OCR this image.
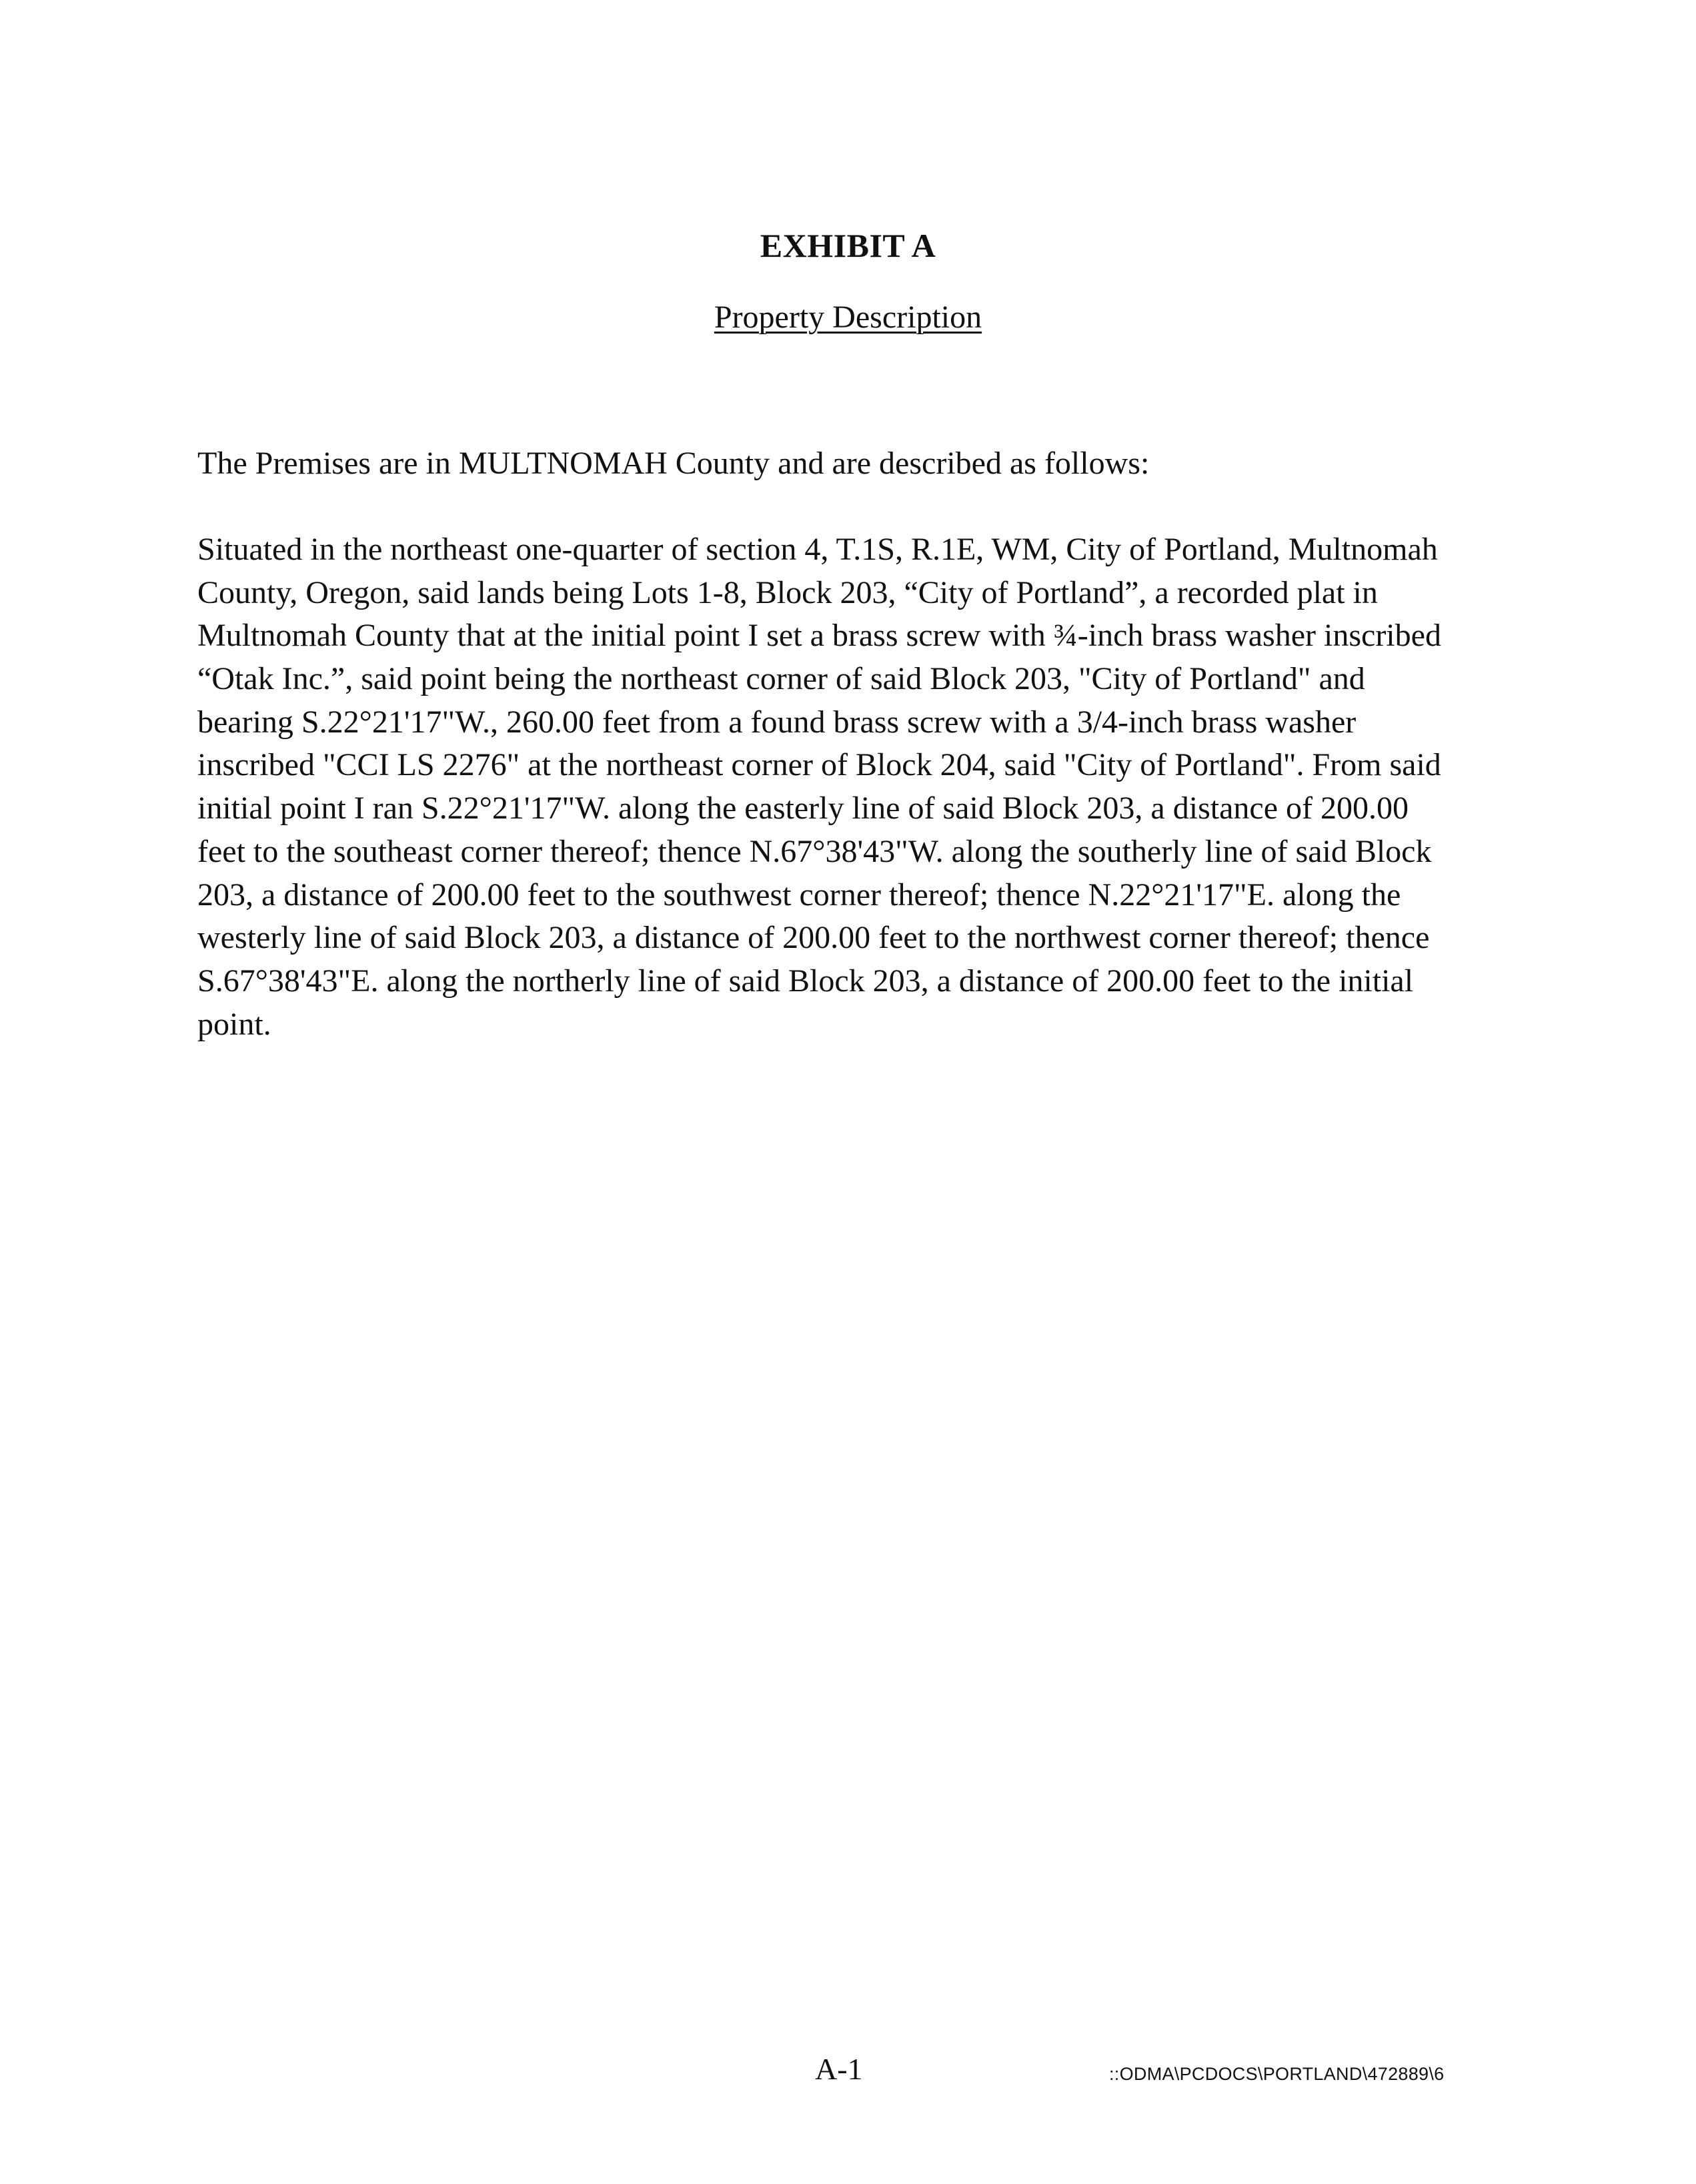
EXHIBIT A
Property Description
The Premises are in MULTNOMAH County and are described as follows:
Situated in the northeast one-quarter of section 4, T.1S, R.1E, WM, City of Portland, Multnomah
County, Oregon, said lands being Lots 1-8, Block 203, “City of Portland”, a recorded plat in
Multnomah County that at the initial point I set a brass screw with ¾-inch brass washer inscribed
“Otak Inc.”, said point being the northeast corner of said Block 203, "City of Portland" and
bearing S.22°21'17"W., 260.00 feet from a found brass screw with a 3/4-inch brass washer
inscribed "CCI LS 2276" at the northeast corner of Block 204, said "City of Portland". From said
initial point I ran S.22°21'17"W. along the easterly line of said Block 203, a distance of 200.00
feet to the southeast corner thereof; thence N.67°38'43"W. along the southerly line of said Block
203, a distance of 200.00 feet to the southwest corner thereof; thence N.22°21'17"E. along the
westerly line of said Block 203, a distance of 200.00 feet to the northwest corner thereof; thence
S.67°38'43"E. along the northerly line of said Block 203, a distance of 200.00 feet to the initial
point.
A-1	::ODMA\PCDOCS\PORTLAND\472889\6
